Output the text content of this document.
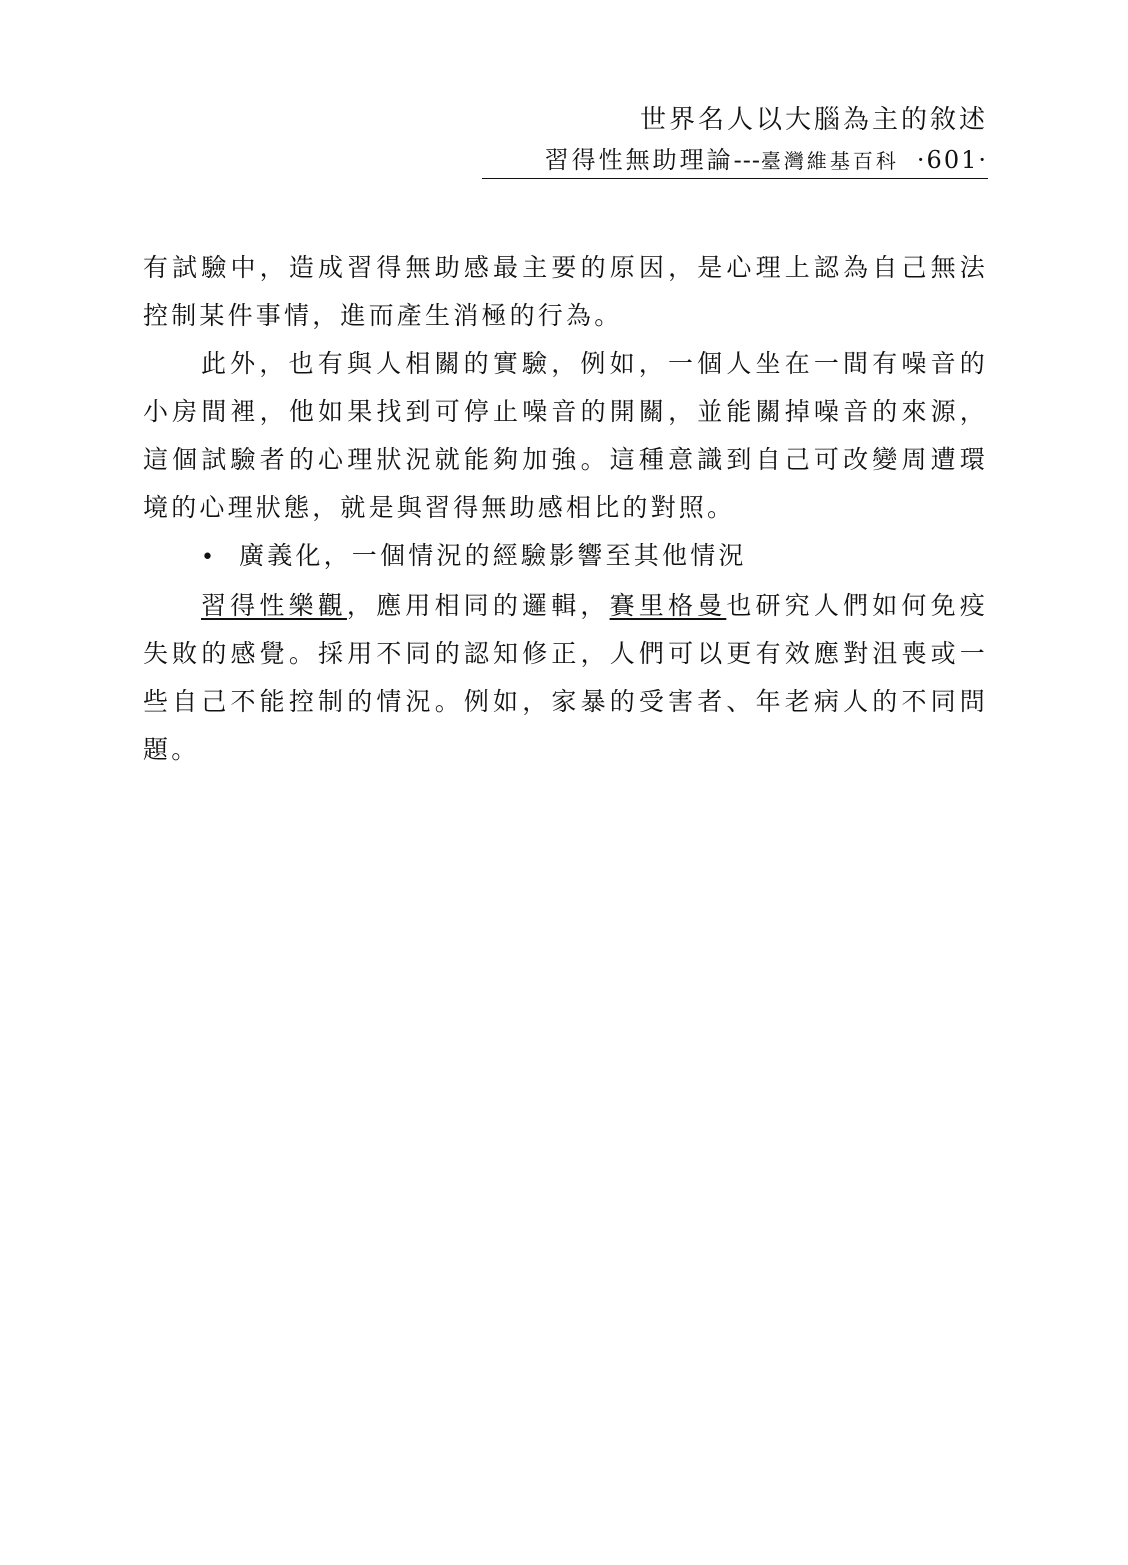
世界名人以大腦為主的敘述
習得性無助理論---臺灣維基百科 ·601·

有試驗中，造成習得無助感最主要的原因，是心理上認為自己無法控制某件事情，進而產生消極的行為。

此外，也有與人相關的實驗，例如，一個人坐在一間有噪音的小房間裡，他如果找到可停止噪音的開關，並能關掉噪音的來源，這個試驗者的心理狀況就能夠加強。這種意識到自己可改變周遭環境的心理狀態，就是與習得無助感相比的對照。

• 廣義化，一個情況的經驗影響至其他情況

習得性樂觀，應用相同的邏輯，賽里格曼也研究人們如何免疫失敗的感覺。採用不同的認知修正，人們可以更有效應對沮喪或一些自己不能控制的情況。例如，家暴的受害者、年老病人的不同問題。
